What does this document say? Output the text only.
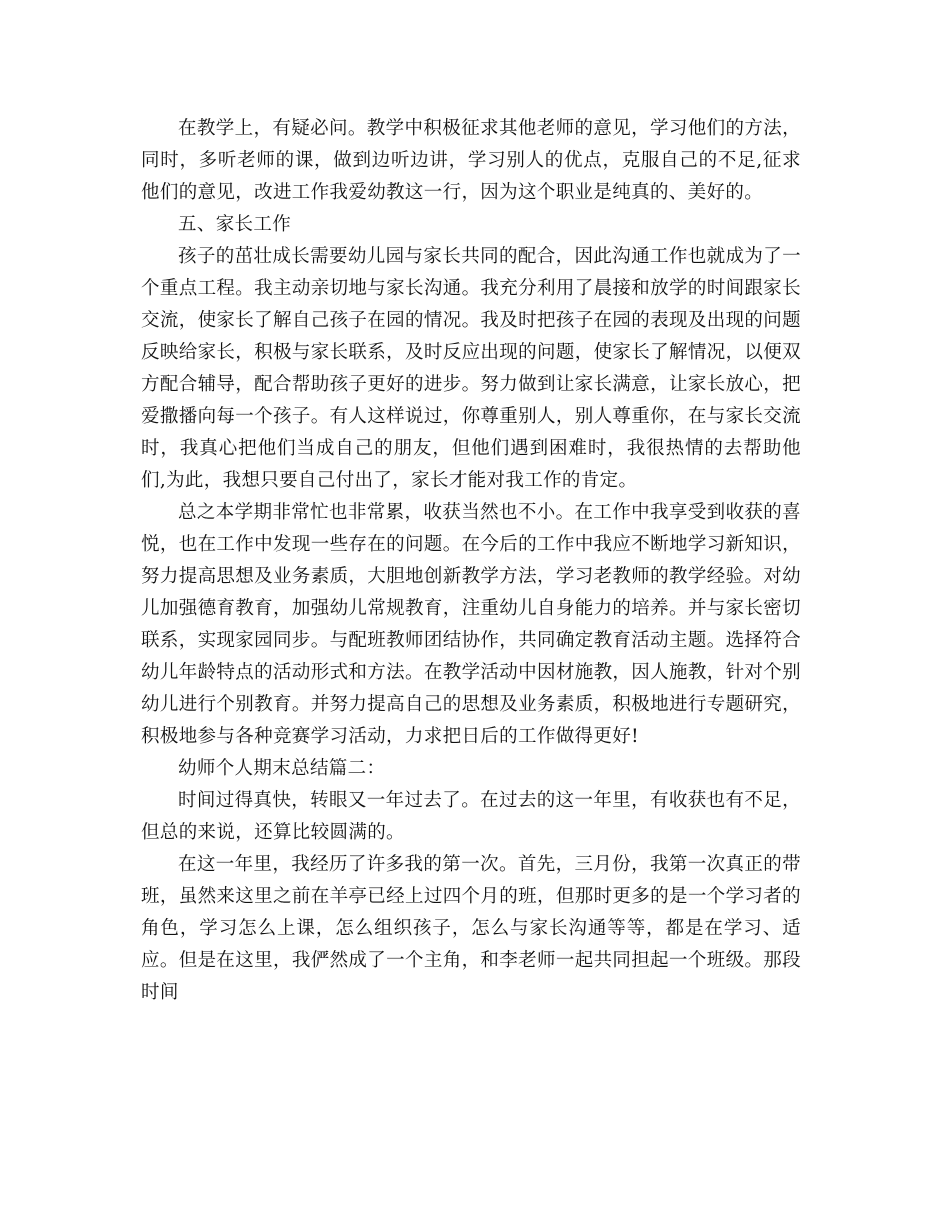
在教学上，有疑必问。教学中积极征求其他老师的意见，学习他们的方法，同时，多听老师的课，做到边听边讲，学习别人的优点，克服自己的不足,征求他们的意见，改进工作我爱幼教这一行，因为这个职业是纯真的、美好的。

五、家长工作

孩子的茁壮成长需要幼儿园与家长共同的配合，因此沟通工作也就成为了一个重点工程。我主动亲切地与家长沟通。我充分利用了晨接和放学的时间跟家长交流，使家长了解自己孩子在园的情况。我及时把孩子在园的表现及出现的问题反映给家长，积极与家长联系，及时反应出现的问题，使家长了解情况，以便双方配合辅导，配合帮助孩子更好的进步。努力做到让家长满意，让家长放心，把爱撒播向每一个孩子。有人这样说过，你尊重别人，别人尊重你，在与家长交流时，我真心把他们当成自己的朋友，但他们遇到困难时，我很热情的去帮助他们,为此，我想只要自己付出了，家长才能对我工作的肯定。

总之本学期非常忙也非常累，收获当然也不小。在工作中我享受到收获的喜悦，也在工作中发现一些存在的问题。在今后的工作中我应不断地学习新知识，努力提高思想及业务素质，大胆地创新教学方法，学习老教师的教学经验。对幼儿加强德育教育，加强幼儿常规教育，注重幼儿自身能力的培养。并与家长密切联系，实现家园同步。与配班教师团结协作，共同确定教育活动主题。选择符合幼儿年龄特点的活动形式和方法。在教学活动中因材施教，因人施教，针对个别幼儿进行个别教育。并努力提高自己的思想及业务素质，积极地进行专题研究，积极地参与各种竞赛学习活动，力求把日后的工作做得更好!

幼师个人期末总结篇二：

时间过得真快，转眼又一年过去了。在过去的这一年里，有收获也有不足，但总的来说，还算比较圆满的。

在这一年里，我经历了许多我的第一次。首先，三月份，我第一次真正的带班，虽然来这里之前在羊亭已经上过四个月的班，但那时更多的是一个学习者的角色，学习怎么上课，怎么组织孩子，怎么与家长沟通等等，都是在学习、适应。但是在这里，我俨然成了一个主角，和李老师一起共同担起一个班级。那段时间
